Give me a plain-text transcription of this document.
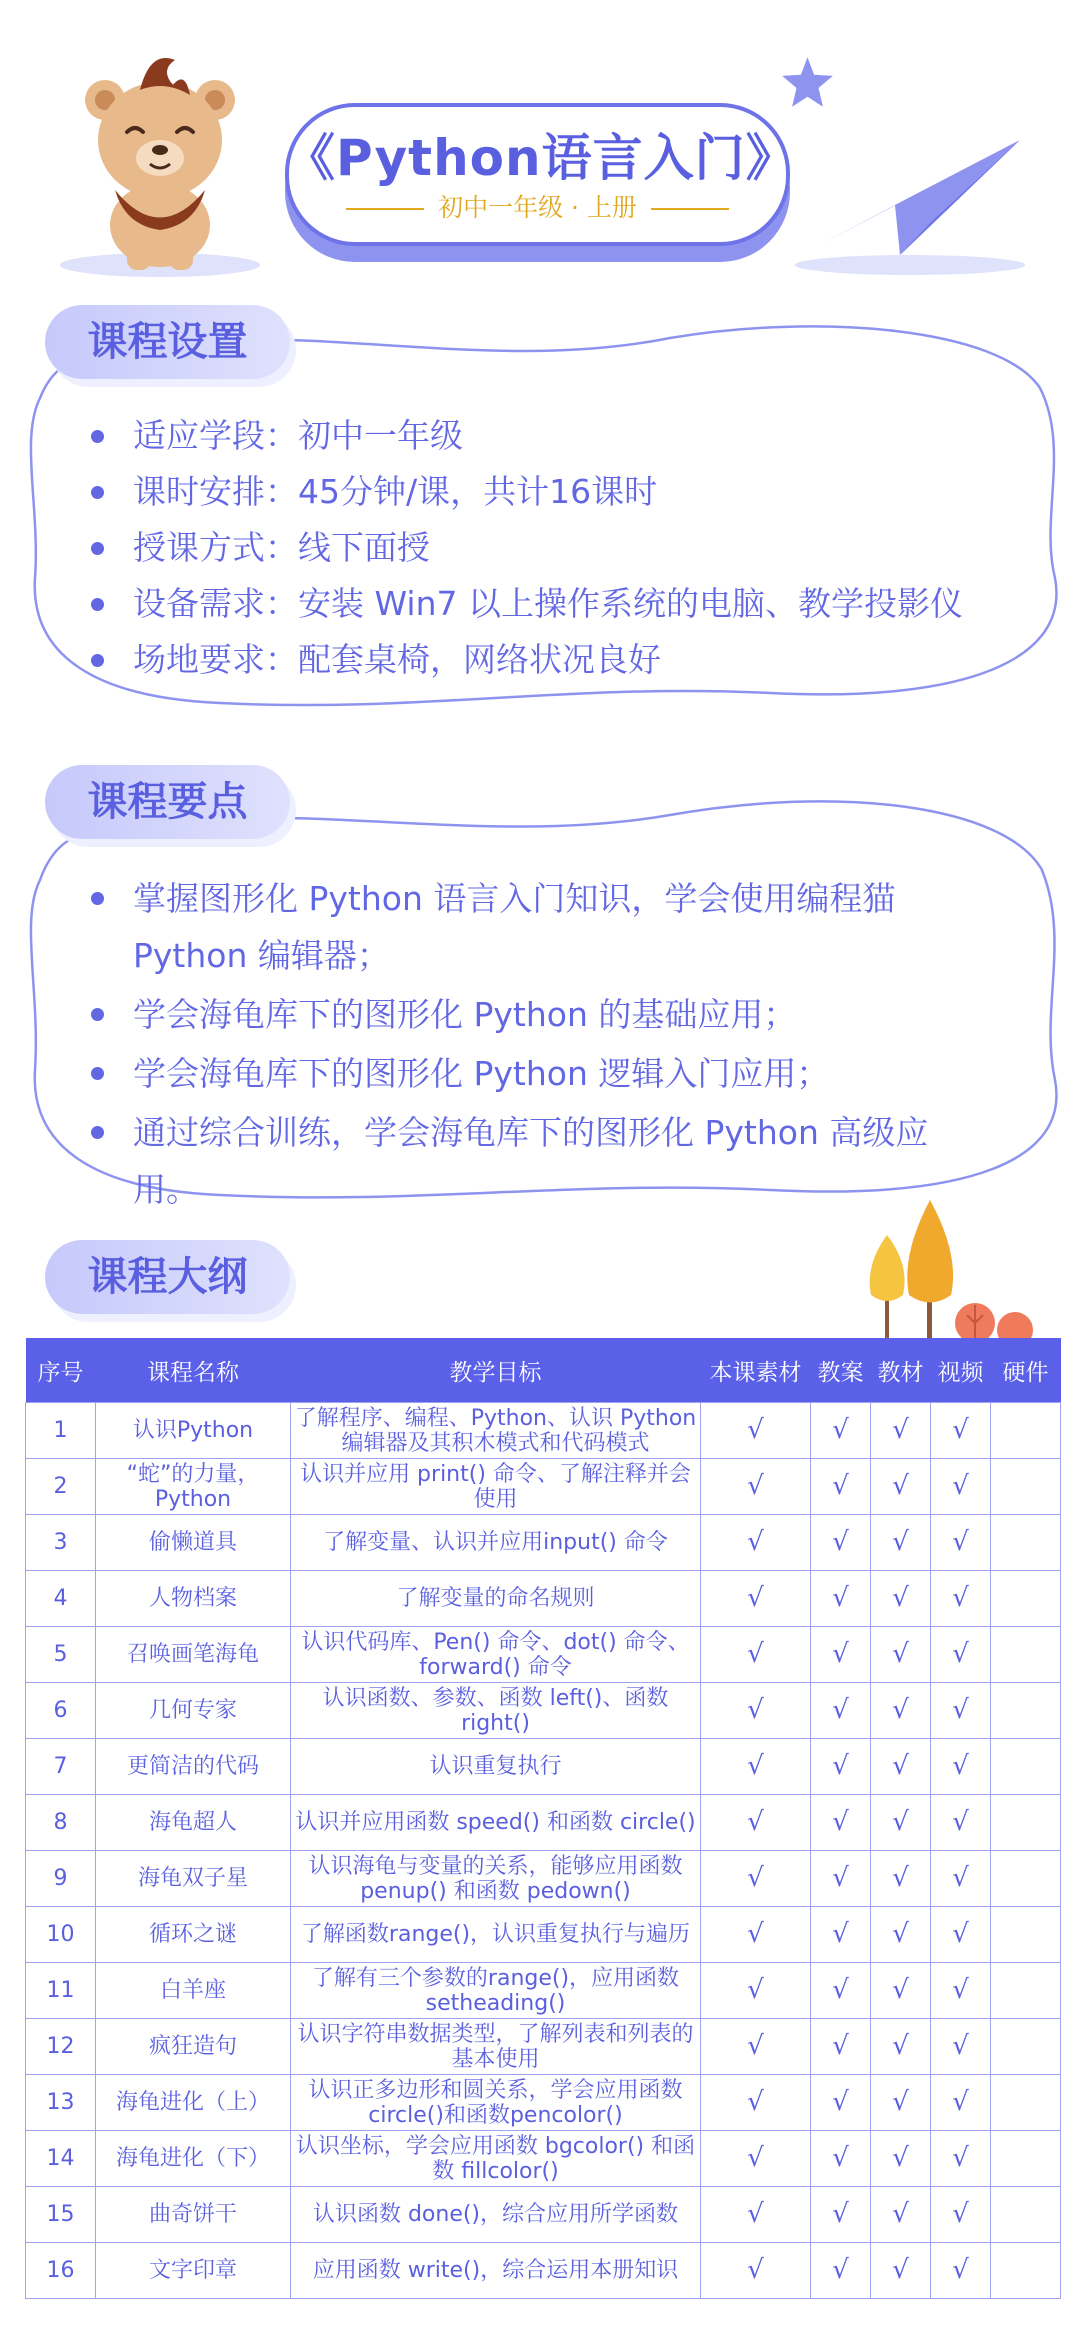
《Python语言入门》
初中一年级 · 上册
课程设置
适应学段：初中一年级
课时安排：45分钟/课，共计16课时
授课方式：线下面授
设备需求：安装 Win7 以上操作系统的电脑、教学投影仪
场地要求：配套桌椅，网络状况良好
课程要点
掌握图形化 Python 语言入门知识，学会使用编程猫 Python 编辑器；
学会海龟库下的图形化 Python 的基础应用；
学会海龟库下的图形化 Python 逻辑入门应用；
通过综合训练，学会海龟库下的图形化 Python 高级应用。
课程大纲
序号	课程名称	教学目标	本课素材	教案	教材	视频	硬件
1	认识Python	了解程序、编程、Python、认识 Python 编辑器及其积木模式和代码模式	√	√	√	√	
2	“蛇”的力量，Python	认识并应用 print() 命令、了解注释并会使用	√	√	√	√	
3	偷懒道具	了解变量、认识并应用input() 命令	√	√	√	√	
4	人物档案	了解变量的命名规则	√	√	√	√	
5	召唤画笔海龟	认识代码库、Pen() 命令、dot() 命令、forward() 命令	√	√	√	√	
6	几何专家	认识函数、参数、函数 left()、函数 right()	√	√	√	√	
7	更简洁的代码	认识重复执行	√	√	√	√	
8	海龟超人	认识并应用函数 speed() 和函数 circle()	√	√	√	√	
9	海龟双子星	认识海龟与变量的关系，能够应用函数 penup() 和函数 pedown()	√	√	√	√	
10	循环之谜	了解函数range()，认识重复执行与遍历	√	√	√	√	
11	白羊座	了解有三个参数的range()，应用函数 setheading()	√	√	√	√	
12	疯狂造句	认识字符串数据类型，了解列表和列表的基本使用	√	√	√	√	
13	海龟进化（上）	认识正多边形和圆关系，学会应用函数circle()和函数pencolor()	√	√	√	√	
14	海龟进化（下）	认识坐标，学会应用函数 bgcolor() 和函数 fillcolor()	√	√	√	√	
15	曲奇饼干	认识函数 done()，综合应用所学函数	√	√	√	√	
16	文字印章	应用函数 write()，综合运用本册知识	√	√	√	√	
